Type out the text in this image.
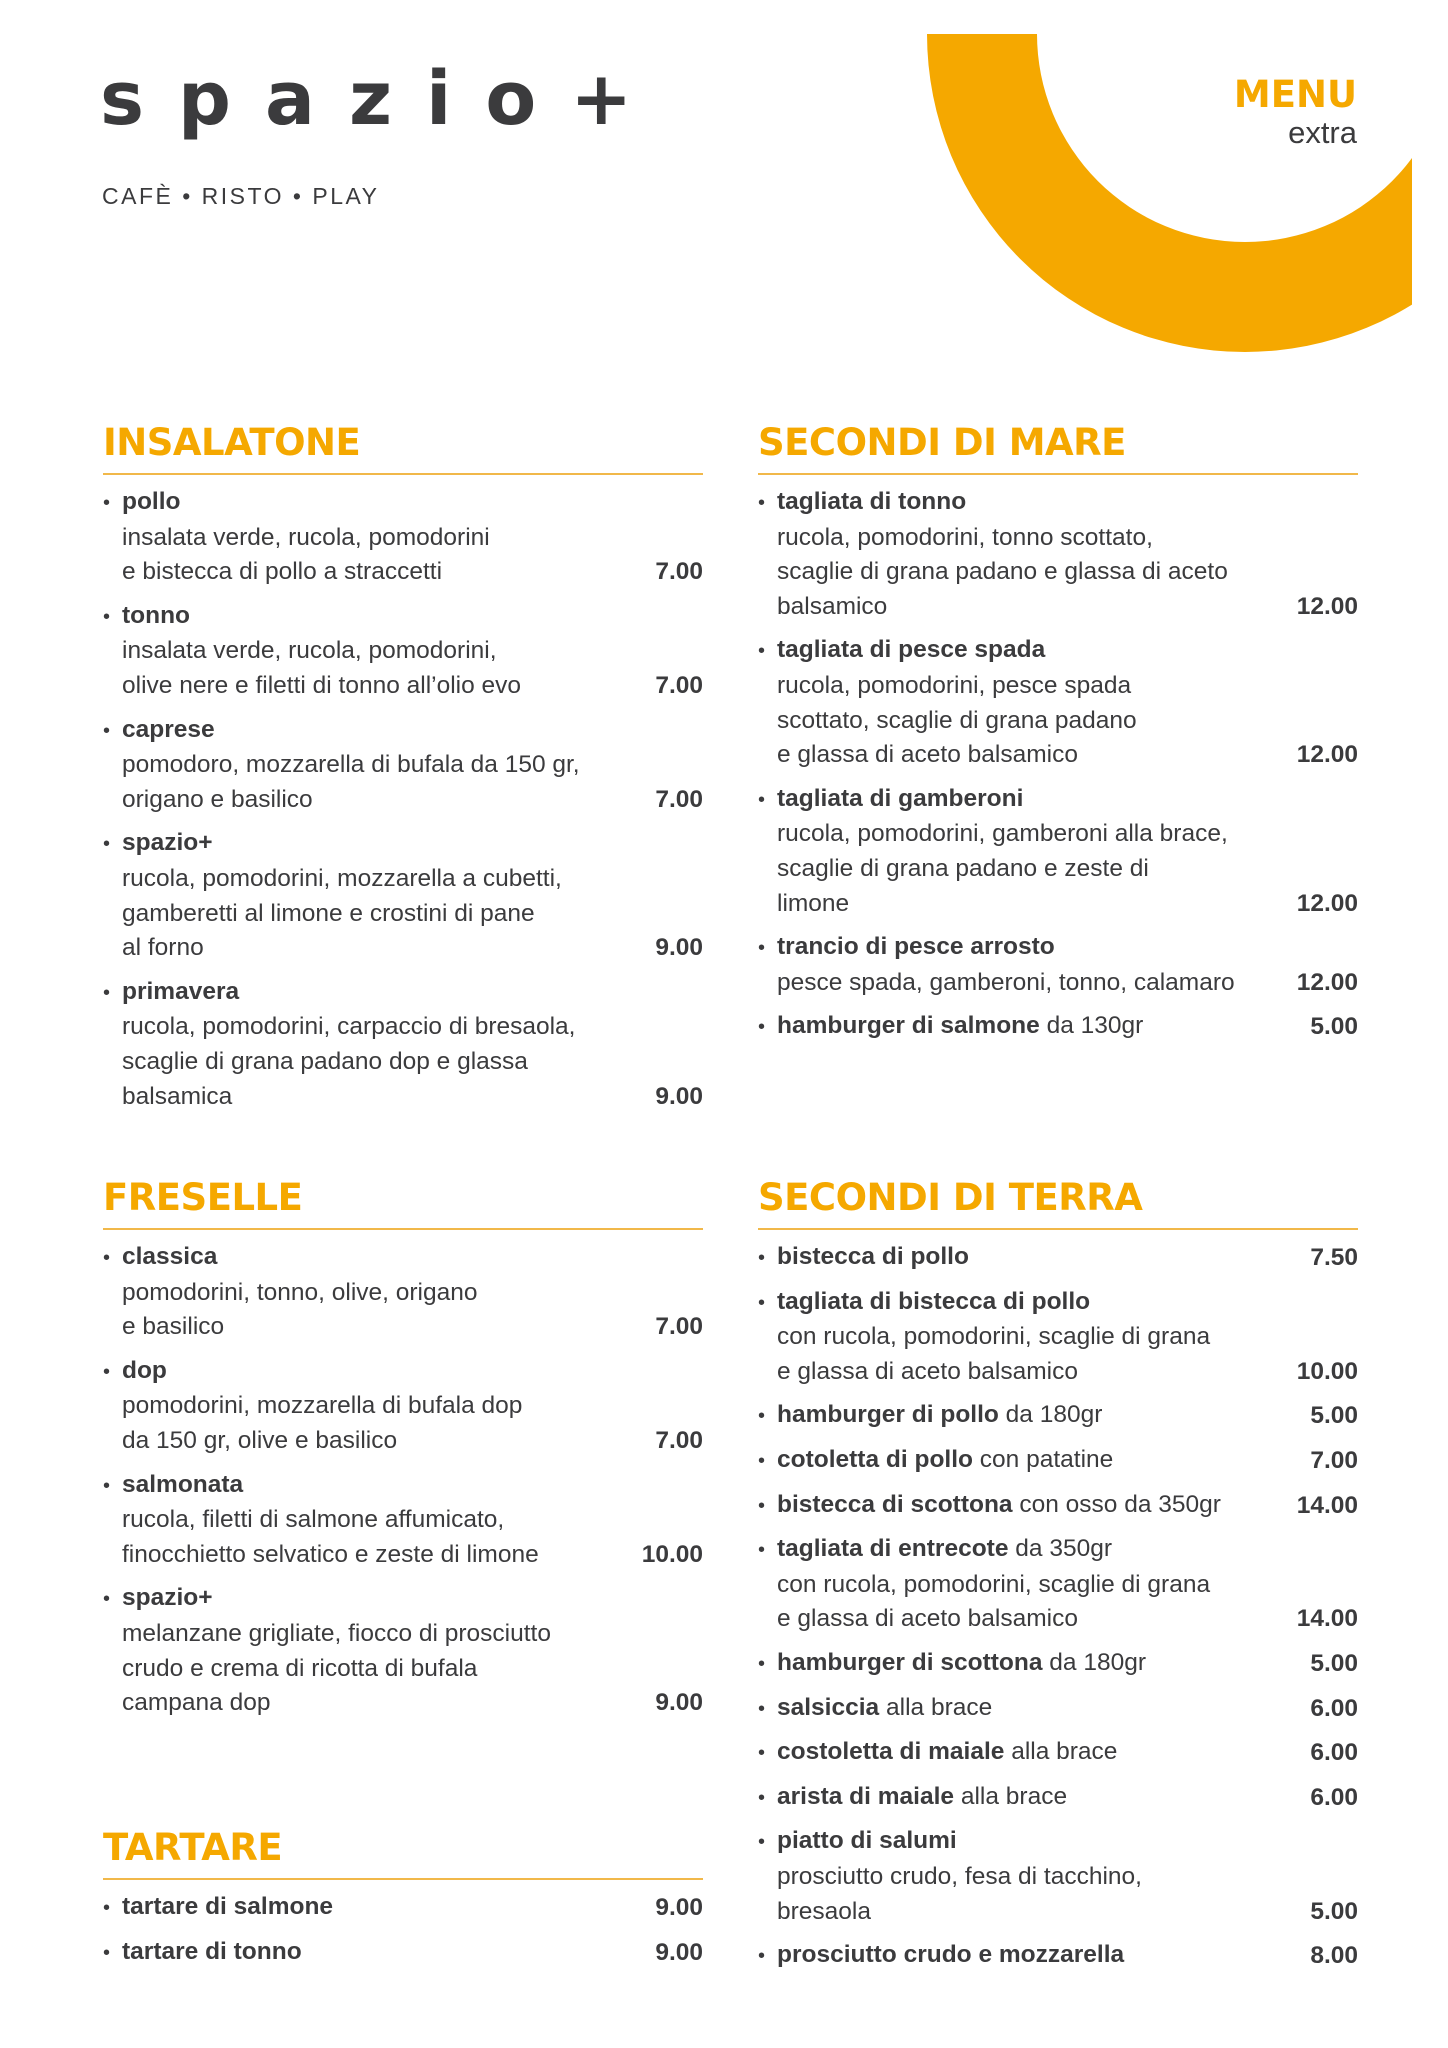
spazio+
CAFÈ • RISTO • PLAY
MENU
extra
INSALATONE
• pollo
insalata verde, rucola, pomodorini
e bistecca di pollo a straccetti	7.00
• tonno
insalata verde, rucola, pomodorini,
olive nere e filetti di tonno all’olio evo	7.00
• caprese
pomodoro, mozzarella di bufala da 150 gr,
origano e basilico	7.00
• spazio+
rucola, pomodorini, mozzarella a cubetti,
gamberetti al limone e crostini di pane
al forno	9.00
• primavera
rucola, pomodorini, carpaccio di bresaola,
scaglie di grana padano dop e glassa
balsamica	9.00
SECONDI DI MARE
• tagliata di tonno
rucola, pomodorini, tonno scottato,
scaglie di grana padano e glassa di aceto
balsamico	12.00
• tagliata di pesce spada
rucola, pomodorini, pesce spada
scottato, scaglie di grana padano
e glassa di aceto balsamico	12.00
• tagliata di gamberoni
rucola, pomodorini, gamberoni alla brace,
scaglie di grana padano e zeste di
limone	12.00
• trancio di pesce arrosto
pesce spada, gamberoni, tonno, calamaro	12.00
• hamburger di salmone da 130gr	5.00
FRESELLE
• classica
pomodorini, tonno, olive, origano
e basilico	7.00
• dop
pomodorini, mozzarella di bufala dop
da 150 gr, olive e basilico	7.00
• salmonata
rucola, filetti di salmone affumicato,
finocchietto selvatico e zeste di limone	10.00
• spazio+
melanzane grigliate, fiocco di prosciutto
crudo e crema di ricotta di bufala
campana dop	9.00
SECONDI DI TERRA
• bistecca di pollo	7.50
• tagliata di bistecca di pollo
con rucola, pomodorini, scaglie di grana
e glassa di aceto balsamico	10.00
• hamburger di pollo da 180gr	5.00
• cotoletta di pollo con patatine	7.00
• bistecca di scottona con osso da 350gr	14.00
• tagliata di entrecote da 350gr
con rucola, pomodorini, scaglie di grana
e glassa di aceto balsamico	14.00
• hamburger di scottona da 180gr	5.00
• salsiccia alla brace	6.00
• costoletta di maiale alla brace	6.00
• arista di maiale alla brace	6.00
• piatto di salumi
prosciutto crudo, fesa di tacchino,
bresaola	5.00
• prosciutto crudo e mozzarella	8.00
TARTARE
• tartare di salmone	9.00
• tartare di tonno	9.00
